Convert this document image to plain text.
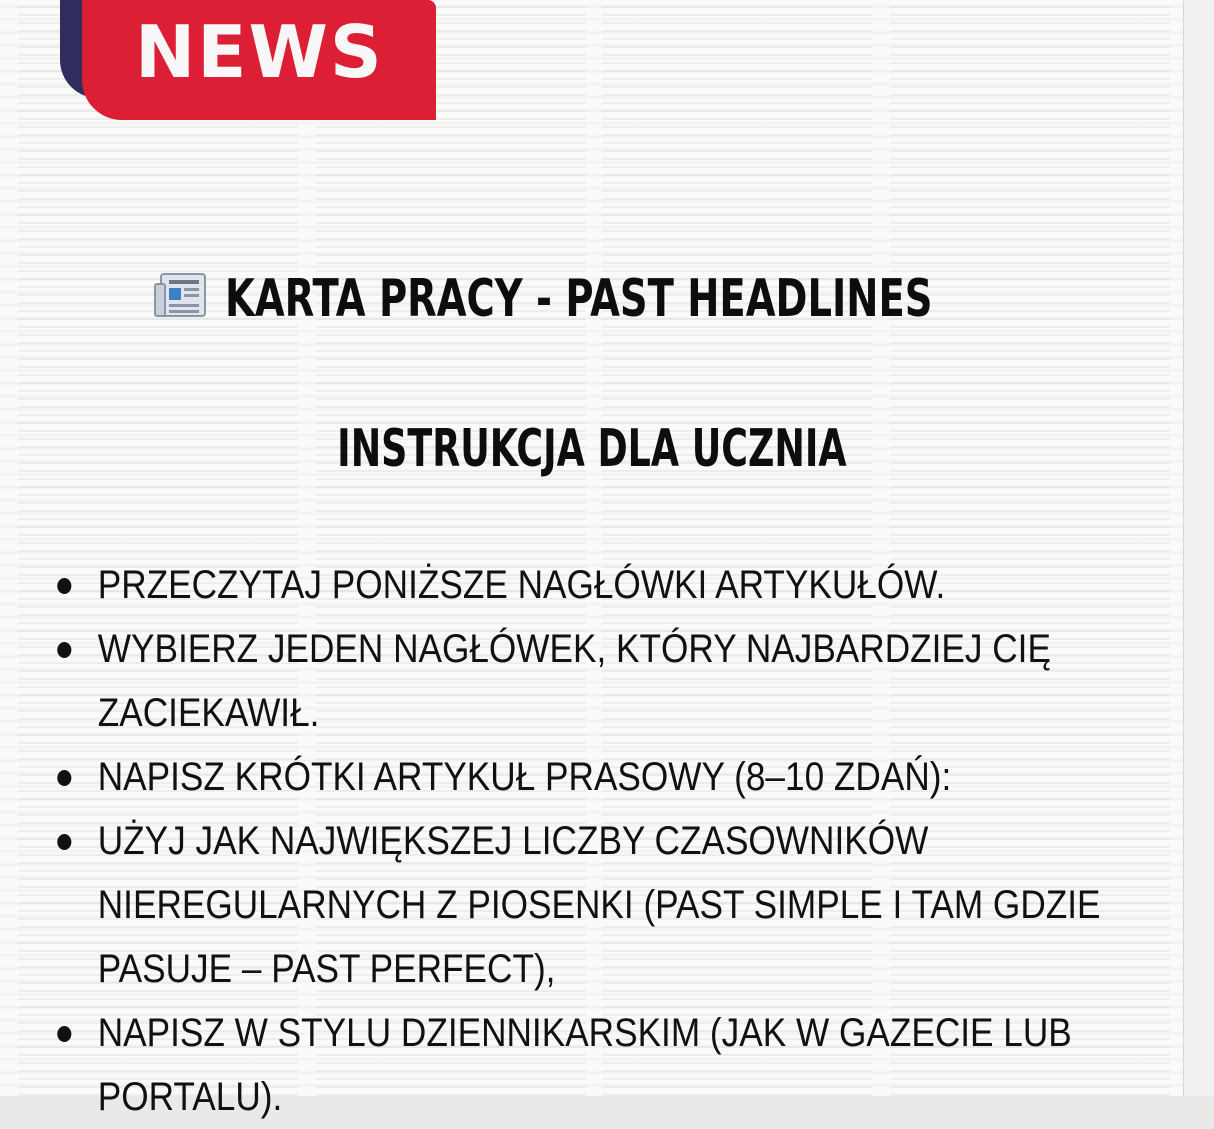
NEWS
KARTA PRACY - PAST HEADLINES
INSTRUKCJA DLA UCZNIA
PRZECZYTAJ PONIŻSZE NAGŁÓWKI ARTYKUŁÓW.
WYBIERZ JEDEN NAGŁÓWEK, KTÓRY NAJBARDZIEJ CIĘ ZACIEKAWIŁ.
NAPISZ KRÓTKI ARTYKUŁ PRASOWY (8–10 ZDAŃ):
UŻYJ JAK NAJWIĘKSZEJ LICZBY CZASOWNIKÓW NIEREGULARNYCH Z PIOSENKI (PAST SIMPLE I TAM GDZIE PASUJE – PAST PERFECT),
NAPISZ W STYLU DZIENNIKARSKIM (JAK W GAZECIE LUB PORTALU).
